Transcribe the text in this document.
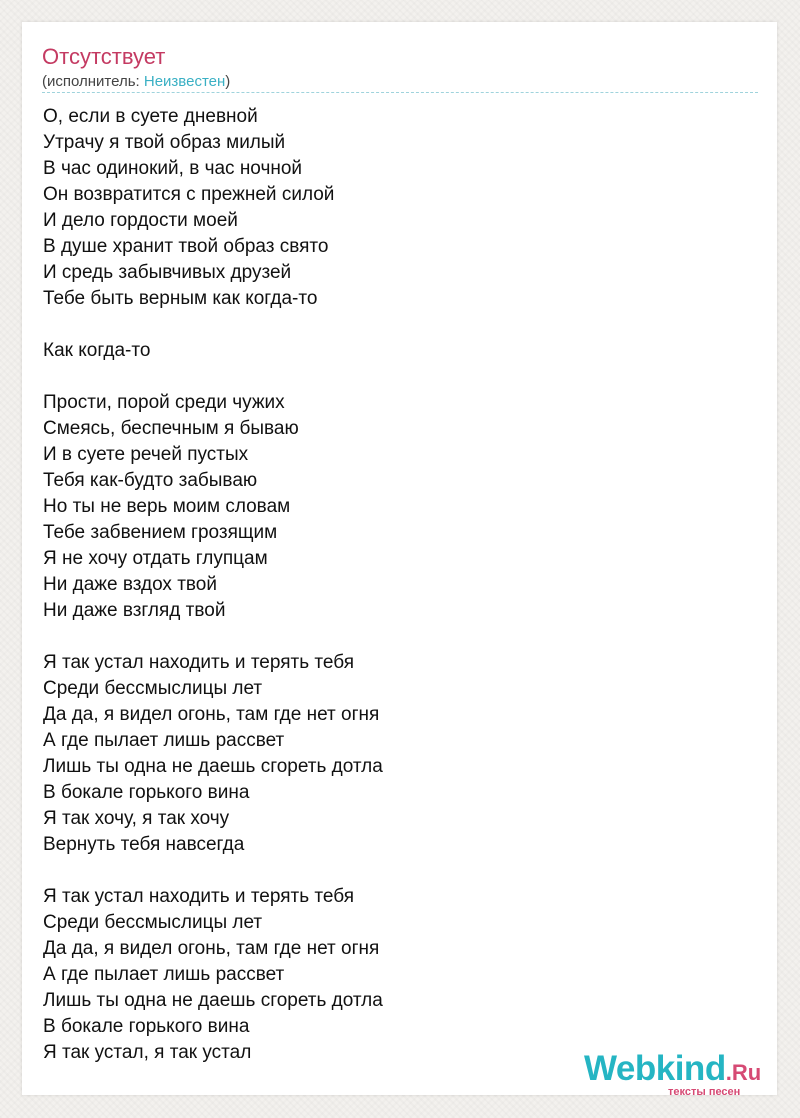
Отсутствует
(исполнитель: Неизвестен)
О, если в суете дневной
Утрачу я твой образ милый
В час одинокий, в час ночной
Он возвратится с прежней силой
И дело гордости моей
В душе хранит твой образ свято
И средь забывчивых друзей
Тебе быть верным как когда-то
Как когда-то
Прости, порой среди чужих
Смеясь, беспечным я бываю
И в суете речей пустых
Тебя как-будто забываю
Но ты не верь моим словам
Тебе забвением грозящим
Я не хочу отдать глупцам
Ни даже вздох твой
Ни даже взгляд твой
Я так устал находить и терять тебя
Среди бессмыслицы лет
Да да, я видел огонь, там где нет огня
А где пылает лишь рассвет
Лишь ты одна не даешь сгореть дотла
В бокале горького вина
Я так хочу, я так хочу
Вернуть тебя навсегда
Я так устал находить и терять тебя
Среди бессмыслицы лет
Да да, я видел огонь, там где нет огня
А где пылает лишь рассвет
Лишь ты одна не даешь сгореть дотла
В бокале горького вина
Я так устал, я так устал	Webkind.Ru
тексты песен
